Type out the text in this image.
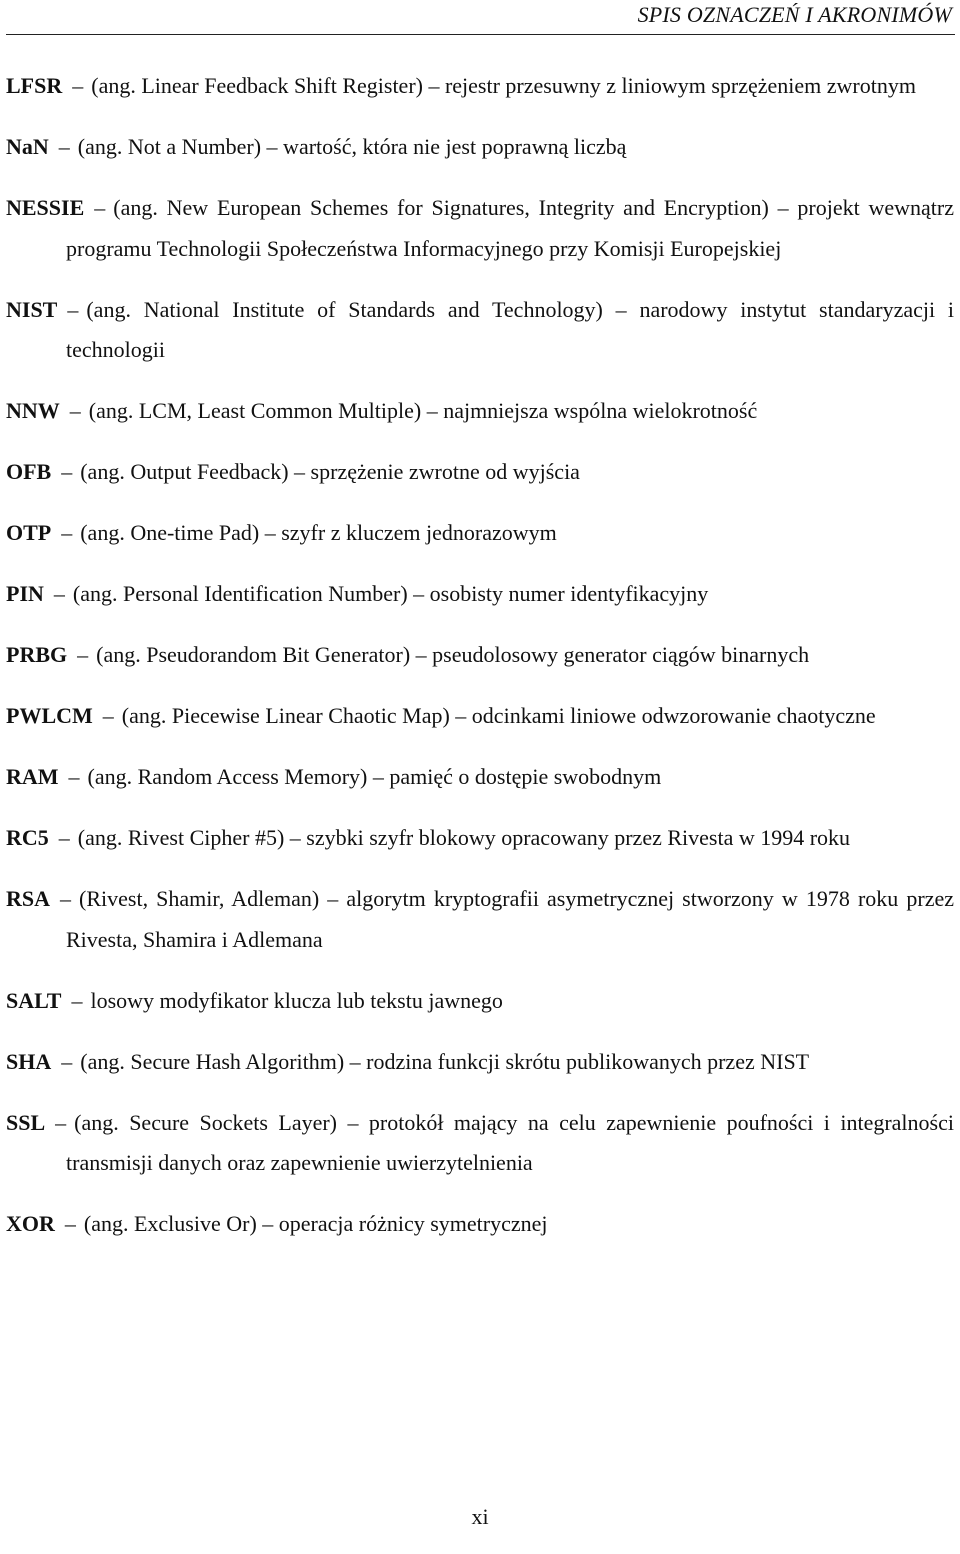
SPIS OZNACZEŃ I AKRONIMÓW
LFSR – (ang. Linear Feedback Shift Register) – rejestr przesuwny z liniowym sprzężeniem zwrotnym
NaN – (ang. Not a Number) – wartość, która nie jest poprawną liczbą
NESSIE – (ang. New European Schemes for Signatures, Integrity and Encryption) – projekt wewnątrz programu Technologii Społeczeństwa Informacyjnego przy Komisji Europejskiej
NIST – (ang. National Institute of Standards and Technology) – narodowy instytut standaryzacji i technologii
NNW – (ang. LCM, Least Common Multiple) – najmniejsza wspólna wielokrotność
OFB – (ang. Output Feedback) – sprzężenie zwrotne od wyjścia
OTP – (ang. One-time Pad) – szyfr z kluczem jednorazowym
PIN – (ang. Personal Identification Number) – osobisty numer identyfikacyjny
PRBG – (ang. Pseudorandom Bit Generator) – pseudolosowy generator ciągów binarnych
PWLCM – (ang. Piecewise Linear Chaotic Map) – odcinkami liniowe odwzorowanie chaotyczne
RAM – (ang. Random Access Memory) – pamięć o dostępie swobodnym
RC5 – (ang. Rivest Cipher #5) – szybki szyfr blokowy opracowany przez Rivesta w 1994 roku
RSA – (Rivest, Shamir, Adleman) – algorytm kryptografii asymetrycznej stworzony w 1978 roku przez Rivesta, Shamira i Adlemana
SALT – losowy modyfikator klucza lub tekstu jawnego
SHA – (ang. Secure Hash Algorithm) – rodzina funkcji skrótu publikowanych przez NIST
SSL – (ang. Secure Sockets Layer) – protokół mający na celu zapewnienie poufności i integralności transmisji danych oraz zapewnienie uwierzytelnienia
XOR – (ang. Exclusive Or) – operacja różnicy symetrycznej
xi
